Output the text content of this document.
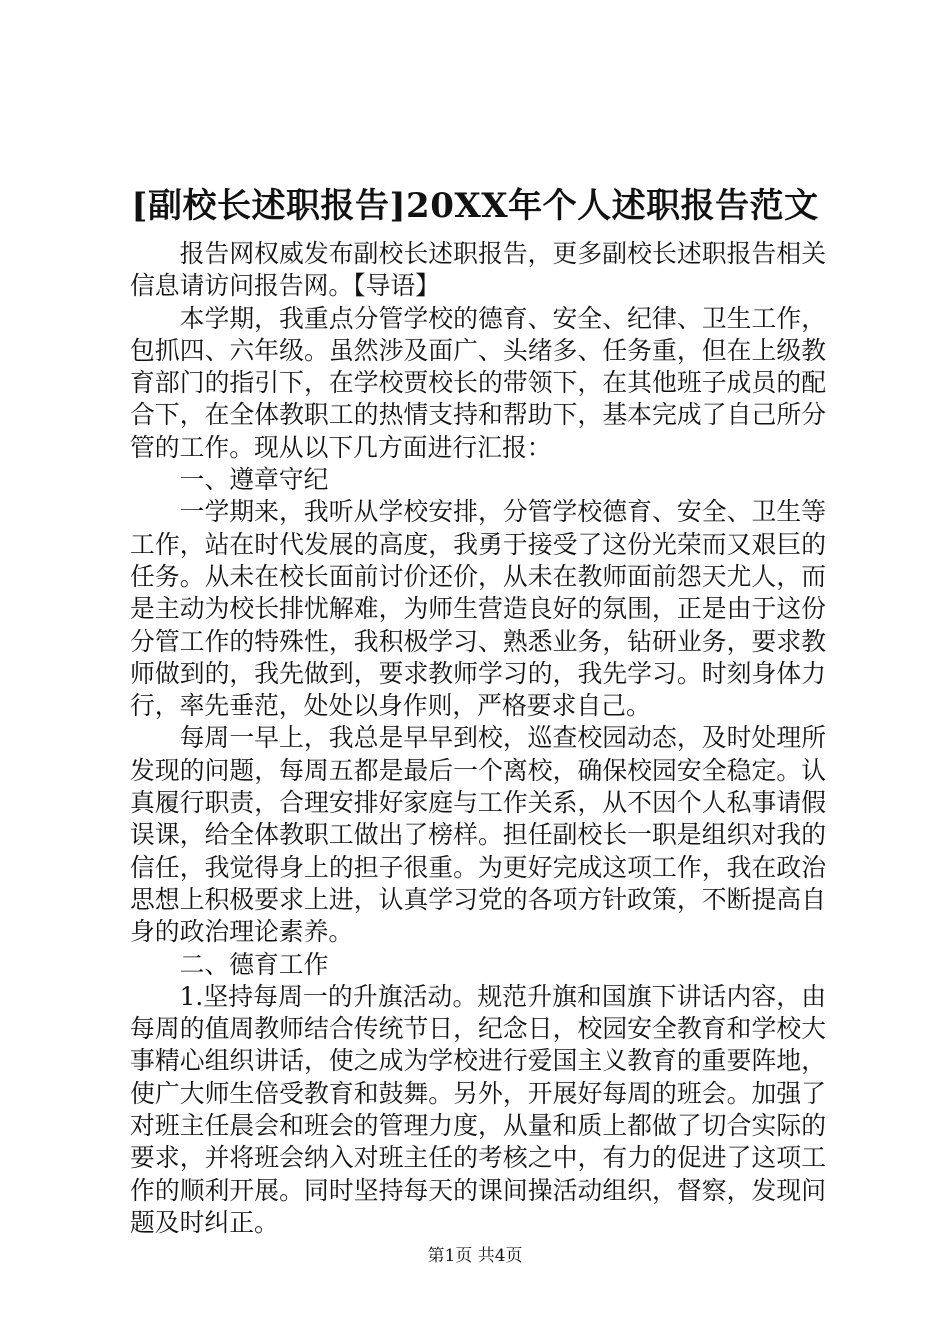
[副校长述职报告]20XX年个人述职报告范文

报告网权威发布副校长述职报告，更多副校长述职报告相关信息请访问报告网。【导语】

本学期，我重点分管学校的德育、安全、纪律、卫生工作，包抓四、六年级。虽然涉及面广、头绪多、任务重，但在上级教育部门的指引下，在学校贾校长的带领下，在其他班子成员的配合下，在全体教职工的热情支持和帮助下，基本完成了自己所分管的工作。现从以下几方面进行汇报：

一、遵章守纪

一学期来，我听从学校安排，分管学校德育、安全、卫生等工作，站在时代发展的高度，我勇于接受了这份光荣而又艰巨的任务。从未在校长面前讨价还价，从未在教师面前怨天尤人，而是主动为校长排忧解难，为师生营造良好的氛围，正是由于这份分管工作的特殊性，我积极学习、熟悉业务，钻研业务，要求教师做到的，我先做到，要求教师学习的，我先学习。时刻身体力行，率先垂范，处处以身作则，严格要求自己。

每周一早上，我总是早早到校，巡查校园动态，及时处理所发现的问题，每周五都是最后一个离校，确保校园安全稳定。认真履行职责，合理安排好家庭与工作关系，从不因个人私事请假误课，给全体教职工做出了榜样。担任副校长一职是组织对我的信任，我觉得身上的担子很重。为更好完成这项工作，我在政治思想上积极要求上进，认真学习党的各项方针政策，不断提高自身的政治理论素养。

二、德育工作

1.坚持每周一的升旗活动。规范升旗和国旗下讲话内容，由每周的值周教师结合传统节日，纪念日，校园安全教育和学校大事精心组织讲话，使之成为学校进行爱国主义教育的重要阵地，使广大师生倍受教育和鼓舞。另外，开展好每周的班会。加强了对班主任晨会和班会的管理力度，从量和质上都做了切合实际的要求，并将班会纳入对班主任的考核之中，有力的促进了这项工作的顺利开展。同时坚持每天的课间操活动组织，督察，发现问题及时纠正。

第1页 共4页
